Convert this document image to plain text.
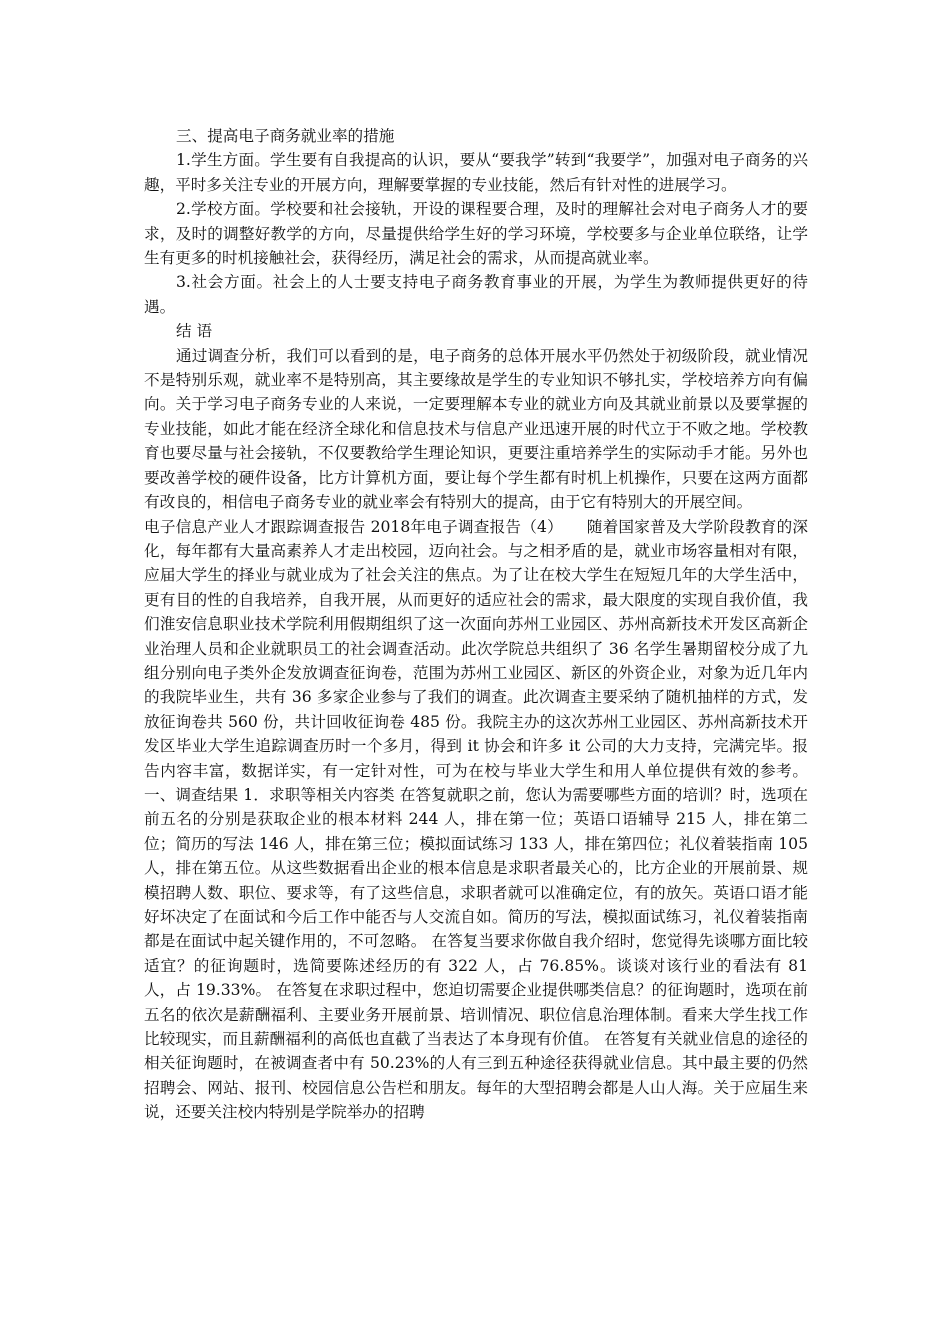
三、提高电子商务就业率的措施

1.学生方面。学生要有自我提高的认识，要从“要我学”转到“我要学”，加强对电子商务的兴趣，平时多关注专业的开展方向，理解要掌握的专业技能，然后有针对性的进展学习。

2.学校方面。学校要和社会接轨，开设的课程要合理，及时的理解社会对电子商务人才的要求，及时的调整好教学的方向，尽量提供给学生好的学习环境，学校要多与企业单位联络，让学生有更多的时机接触社会，获得经历，满足社会的需求，从而提高就业率。

3.社会方面。社会上的人士要支持电子商务教育事业的开展，为学生为教师提供更好的待遇。

结 语

通过调查分析，我们可以看到的是，电子商务的总体开展水平仍然处于初级阶段，就业情况不是特别乐观，就业率不是特别高，其主要缘故是学生的专业知识不够扎实，学校培养方向有偏向。关于学习电子商务专业的人来说，一定要理解本专业的就业方向及其就业前景以及要掌握的专业技能，如此才能在经济全球化和信息技术与信息产业迅速开展的时代立于不败之地。学校教育也要尽量与社会接轨，不仅要教给学生理论知识，更要注重培养学生的实际动手才能。另外也要改善学校的硬件设备，比方计算机方面，要让每个学生都有时机上机操作，只要在这两方面都有改良的，相信电子商务专业的就业率会有特别大的提高，由于它有特别大的开展空间。

电子信息产业人才跟踪调查报告 2018年电子调查报告（4）　　随着国家普及大学阶段教育的深化，每年都有大量高素养人才走出校园，迈向社会。与之相矛盾的是，就业市场容量相对有限，应届大学生的择业与就业成为了社会关注的焦点。为了让在校大学生在短短几年的大学生活中，更有目的性的自我培养，自我开展，从而更好的适应社会的需求，最大限度的实现自我价值，我们淮安信息职业技术学院利用假期组织了这一次面向苏州工业园区、苏州高新技术开发区高新企业治理人员和企业就职员工的社会调查活动。此次学院总共组织了 36 名学生暑期留校分成了九组分别向电子类外企发放调查征询卷，范围为苏州工业园区、新区的外资企业，对象为近几年内的我院毕业生，共有 36 多家企业参与了我们的调查。此次调查主要采纳了随机抽样的方式，发放征询卷共 560 份，共计回收征询卷 485 份。我院主办的这次苏州工业园区、苏州高新技术开发区毕业大学生追踪调查历时一个多月，得到 it 协会和许多 it 公司的大力支持，完满完毕。报告内容丰富，数据详实，有一定针对性，可为在校与毕业大学生和用人单位提供有效的参考。 一、调查结果 1．求职等相关内容类 在答复就职之前，您认为需要哪些方面的培训？时，选项在前五名的分别是获取企业的根本材料 244 人，排在第一位；英语口语辅导 215 人，排在第二位；简历的写法 146 人，排在第三位；模拟面试练习 133 人，排在第四位；礼仪着装指南 105 人，排在第五位。从这些数据看出企业的根本信息是求职者最关心的，比方企业的开展前景、规模招聘人数、职位、要求等，有了这些信息，求职者就可以准确定位，有的放矢。英语口语才能好坏决定了在面试和今后工作中能否与人交流自如。简历的写法，模拟面试练习，礼仪着装指南都是在面试中起关键作用的，不可忽略。 在答复当要求你做自我介绍时，您觉得先谈哪方面比较适宜？的征询题时，选简要陈述经历的有 322 人，占 76.85%。谈谈对该行业的看法有 81 人，占 19.33%。 在答复在求职过程中，您迫切需要企业提供哪类信息？的征询题时，选项在前五名的依次是薪酬福利、主要业务开展前景、培训情况、职位信息治理体制。看来大学生找工作比较现实，而且薪酬福利的高低也直截了当表达了本身现有价值。 在答复有关就业信息的途径的相关征询题时，在被调查者中有 50.23%的人有三到五种途径获得就业信息。其中最主要的仍然招聘会、网站、报刊、校园信息公告栏和朋友。每年的大型招聘会都是人山人海。关于应届生来说，还要关注校内特别是学院举办的招聘
